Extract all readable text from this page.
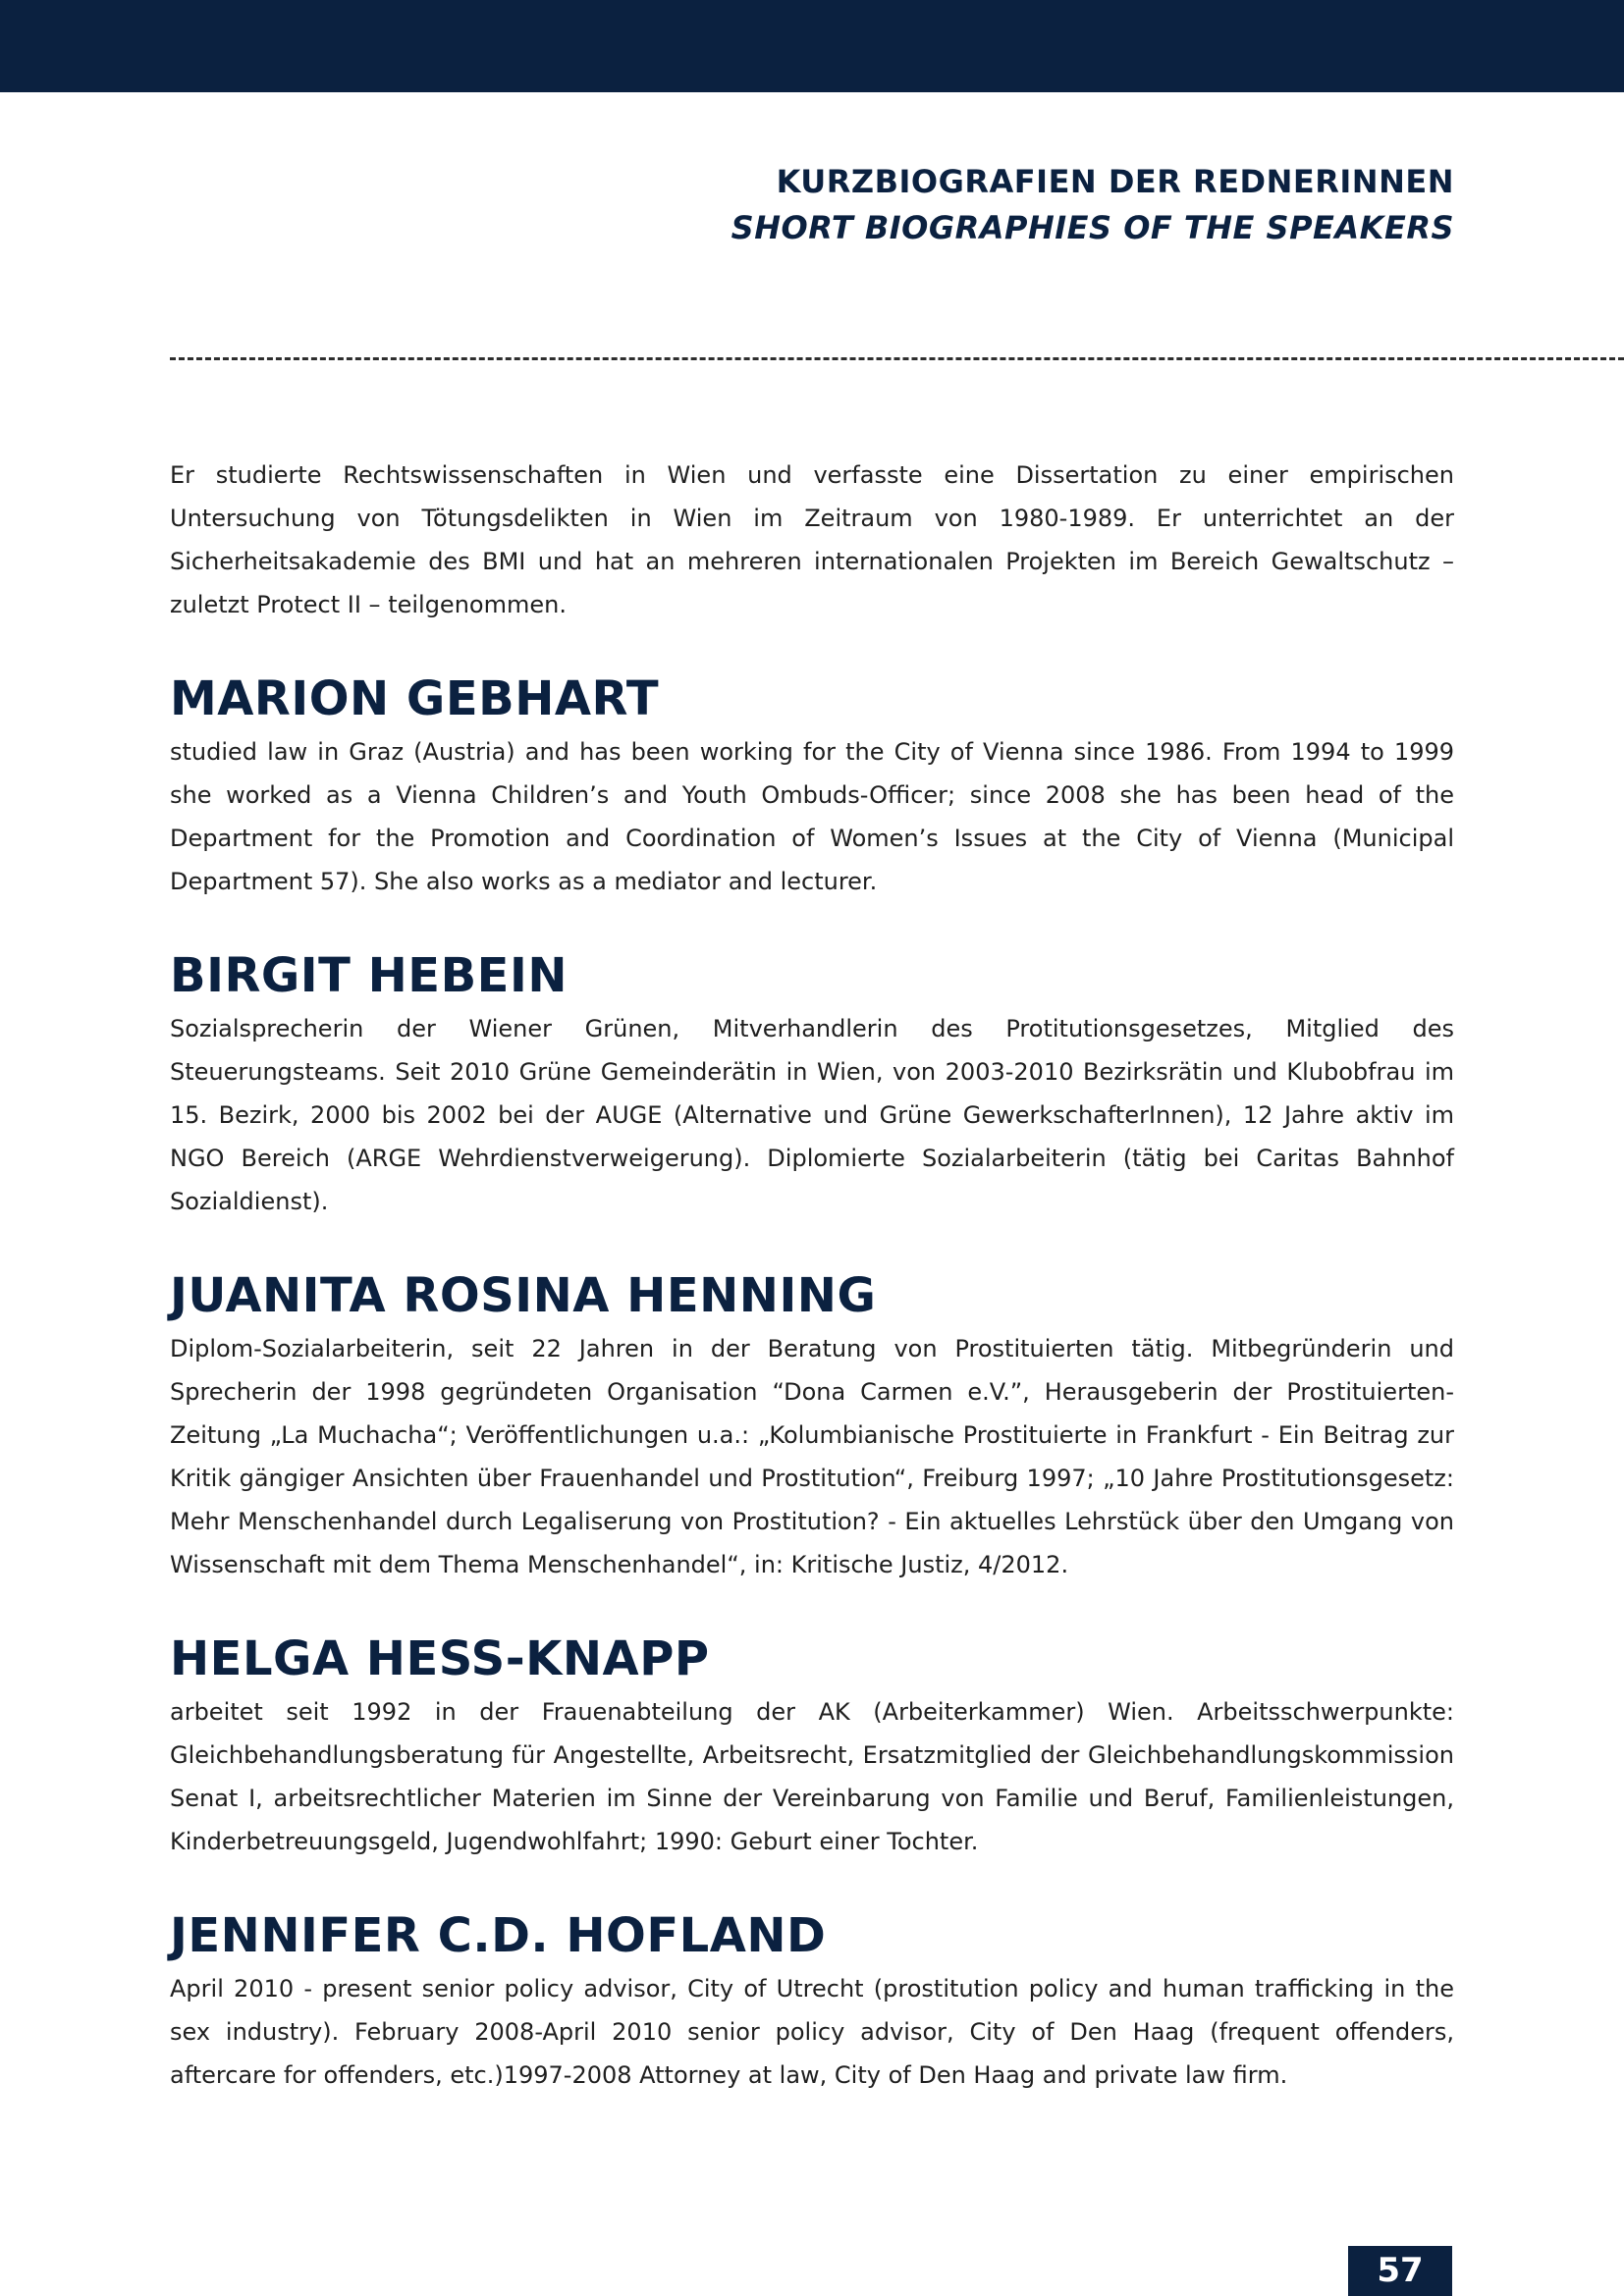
KURZBIOGRAFIEN DER REDNERINNEN
SHORT BIOGRAPHIES OF THE SPEAKERS

Er studierte Rechtswissenschaften in Wien und verfasste eine Dissertation zu einer empirischen Untersuchung von Tötungsdelikten in Wien im Zeitraum von 1980-1989. Er unterrichtet an der Sicherheitsakademie des BMI und hat an mehreren internationalen Projekten im Bereich Gewaltschutz – zuletzt Protect II – teilgenommen.

MARION GEBHART

studied law in Graz (Austria) and has been working for the City of Vienna since 1986. From 1994 to 1999 she worked as a Vienna Children’s and Youth Ombuds-Officer; since 2008 she has been head of the Department for the Promotion and Coordination of Women’s Issues at the City of Vienna (Municipal Department 57). She also works as a mediator and lecturer.

BIRGIT HEBEIN

Sozialsprecherin der Wiener Grünen, Mitverhandlerin des Protitutionsgesetzes, Mitglied des Steuerungsteams. Seit 2010 Grüne Gemeinderätin in Wien, von 2003-2010 Bezirksrätin und Klubobfrau im 15. Bezirk, 2000 bis 2002 bei der AUGE (Alternative und Grüne GewerkschafterInnen), 12 Jahre aktiv im NGO Bereich (ARGE Wehrdienstverweigerung). Diplomierte Sozialarbeiterin (tätig bei Caritas Bahnhof Sozialdienst).

JUANITA ROSINA HENNING

Diplom-Sozialarbeiterin, seit 22 Jahren in der Beratung von Prostituierten tätig. Mitbegründerin und Sprecherin der 1998 gegründeten Organisation “Dona Carmen e.V.”, Herausgeberin der Prostituierten-Zeitung „La Muchacha“; Veröffentlichungen u.a.: „Kolumbianische Prostituierte in Frankfurt - Ein Beitrag zur Kritik gängiger Ansichten über Frauenhandel und Prostitution“, Freiburg 1997; „10 Jahre Prostitutionsgesetz: Mehr Menschenhandel durch Legaliserung von Prostitution? - Ein aktuelles Lehrstück über den Umgang von Wissenschaft mit dem Thema Menschenhandel“, in: Kritische Justiz, 4/2012.

HELGA HESS-KNAPP

arbeitet seit 1992 in der Frauenabteilung der AK (Arbeiterkammer) Wien. Arbeitsschwerpunkte: Gleichbehandlungsberatung für Angestellte, Arbeitsrecht, Ersatzmitglied der Gleichbehandlungskommission Senat I, arbeitsrechtlicher Materien im Sinne der Vereinbarung von Familie und Beruf, Familienleistungen, Kinderbetreuungsgeld, Jugendwohlfahrt; 1990: Geburt einer Tochter.

JENNIFER C.D. HOFLAND

April 2010 - present senior policy advisor, City of Utrecht (prostitution policy and human trafficking in the sex industry). February 2008-April 2010 senior policy advisor, City of Den Haag (frequent offenders, aftercare for offenders, etc.)1997-2008 Attorney at law, City of Den Haag and private law firm.

57
